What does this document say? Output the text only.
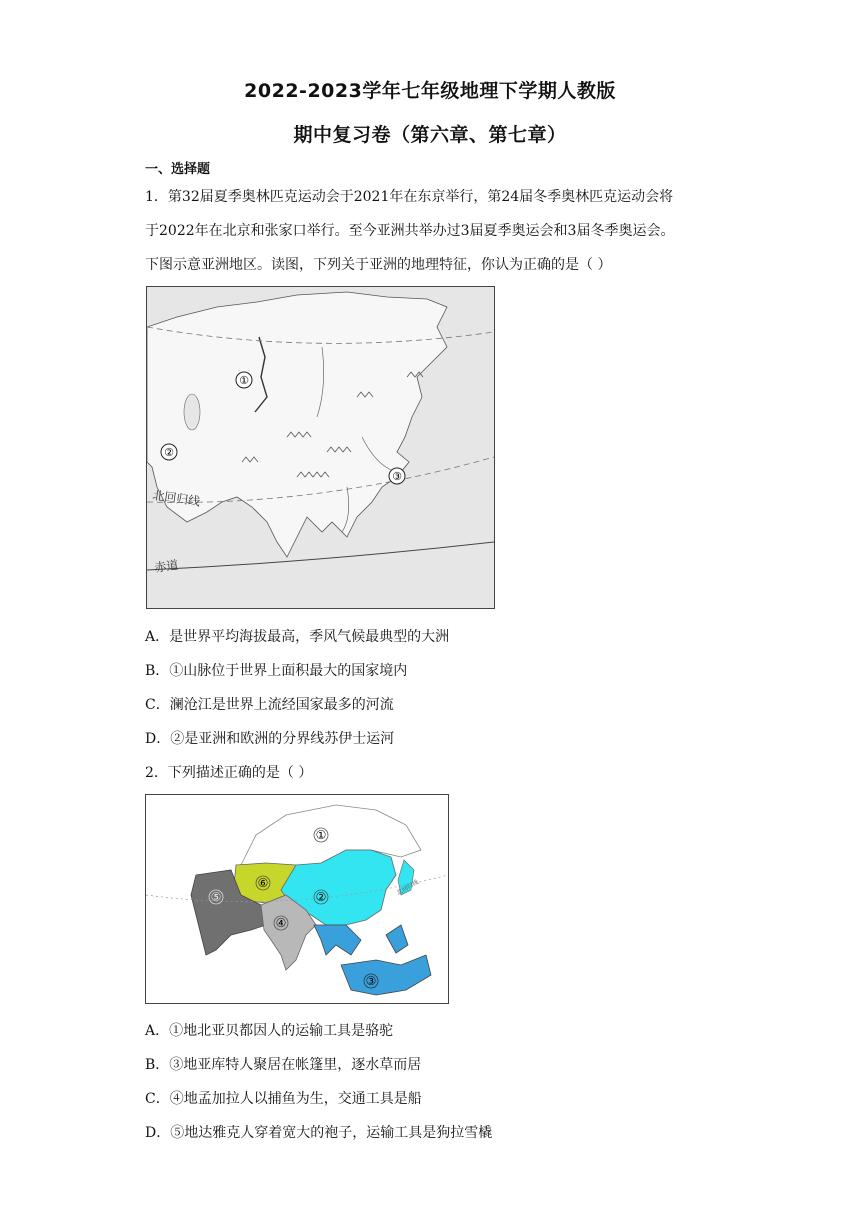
2022-2023学年七年级地理下学期人教版
期中复习卷（第六章、第七章）
一、选择题
1．第32届夏季奥林匹克运动会于2021年在东京举行，第24届冬季奥林匹克运动会将
于2022年在北京和张家口举行。至今亚洲共举办过3届夏季奥运会和3届冬季奥运会。
下图示意亚洲地区。读图，下列关于亚洲的地理特征，你认为正确的是（ ）
①
②
③
北回归线
赤道
A．是世界平均海拔最高，季风气候最典型的大洲
B．①山脉位于世界上面积最大的国家境内
C．澜沧江是世界上流经国家最多的河流
D．②是亚洲和欧洲的分界线苏伊士运河
2．下列描述正确的是（ ）
北回归线
①
②
③
④
⑤
⑥
A．①地北亚贝都因人的运输工具是骆驼
B．③地亚库特人聚居在帐篷里，逐水草而居
C．④地孟加拉人以捕鱼为生，交通工具是船
D．⑤地达雅克人穿着宽大的袍子，运输工具是狗拉雪橇
